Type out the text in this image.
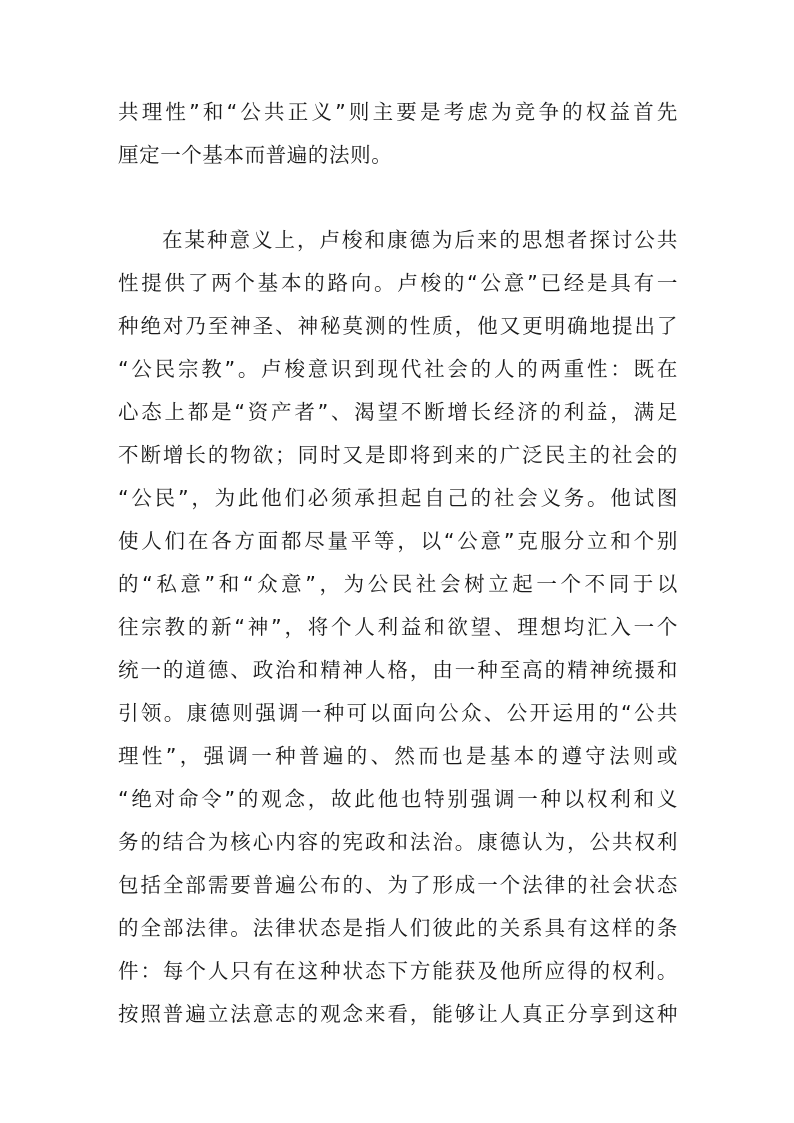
共理性”和“公共正义”则主要是考虑为竞争的权益首先
厘定一个基本而普遍的法则。
在某种意义上，卢梭和康德为后来的思想者探讨公共
性提供了两个基本的路向。卢梭的“公意”已经是具有一
种绝对乃至神圣、神秘莫测的性质，他又更明确地提出了
“公民宗教”。卢梭意识到现代社会的人的两重性：既在
心态上都是“资产者”、渴望不断增长经济的利益，满足
不断增长的物欲；同时又是即将到来的广泛民主的社会的
“公民”，为此他们必须承担起自己的社会义务。他试图
使人们在各方面都尽量平等，以“公意”克服分立和个别
的“私意”和“众意”，为公民社会树立起一个不同于以
往宗教的新“神”，将个人利益和欲望、理想均汇入一个
统一的道德、政治和精神人格，由一种至高的精神统摄和
引领。康德则强调一种可以面向公众、公开运用的“公共
理性”，强调一种普遍的、然而也是基本的遵守法则或
“绝对命令”的观念，故此他也特别强调一种以权利和义
务的结合为核心内容的宪政和法治。康德认为，公共权利
包括全部需要普遍公布的、为了形成一个法律的社会状态
的全部法律。法律状态是指人们彼此的关系具有这样的条
件：每个人只有在这种状态下方能获及他所应得的权利。
按照普遍立法意志的观念来看，能够让人真正分享到这种
